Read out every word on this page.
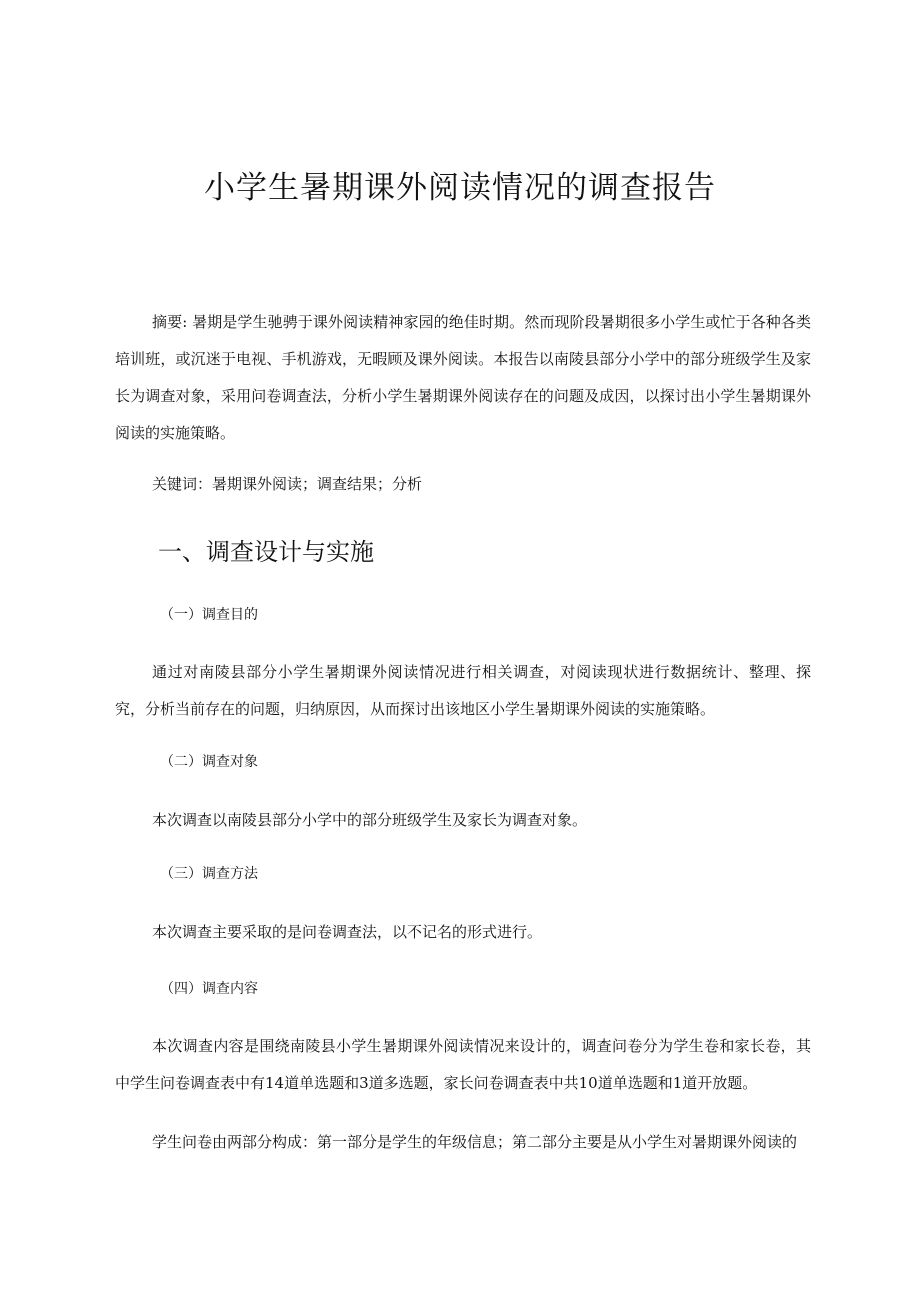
小学生暑期课外阅读情况的调查报告

摘要: 暑期是学生驰骋于课外阅读精神家园的绝佳时期。然而现阶段暑期很多小学生或忙于各种各类培训班，或沉迷于电视、手机游戏，无暇顾及课外阅读。本报告以南陵县部分小学中的部分班级学生及家长为调查对象，采用问卷调查法，分析小学生暑期课外阅读存在的问题及成因，以探讨出小学生暑期课外阅读的实施策略。

关键词：暑期课外阅读；调查结果；分析

一、调查设计与实施
（一）调查目的

通过对南陵县部分小学生暑期课外阅读情况进行相关调查，对阅读现状进行数据统计、整理、探究，分析当前存在的问题，归纳原因，从而探讨出该地区小学生暑期课外阅读的实施策略。

（二）调查对象

本次调查以南陵县部分小学中的部分班级学生及家长为调查对象。

（三）调查方法

本次调查主要采取的是问卷调查法，以不记名的形式进行。

（四）调查内容

本次调查内容是围绕南陵县小学生暑期课外阅读情况来设计的，调查问卷分为学生卷和家长卷，其中学生问卷调查表中有14道单选题和3道多选题，家长问卷调查表中共10道单选题和1道开放题。

学生问卷由两部分构成：第一部分是学生的年级信息；第二部分主要是从小学生对暑期课外阅读的
